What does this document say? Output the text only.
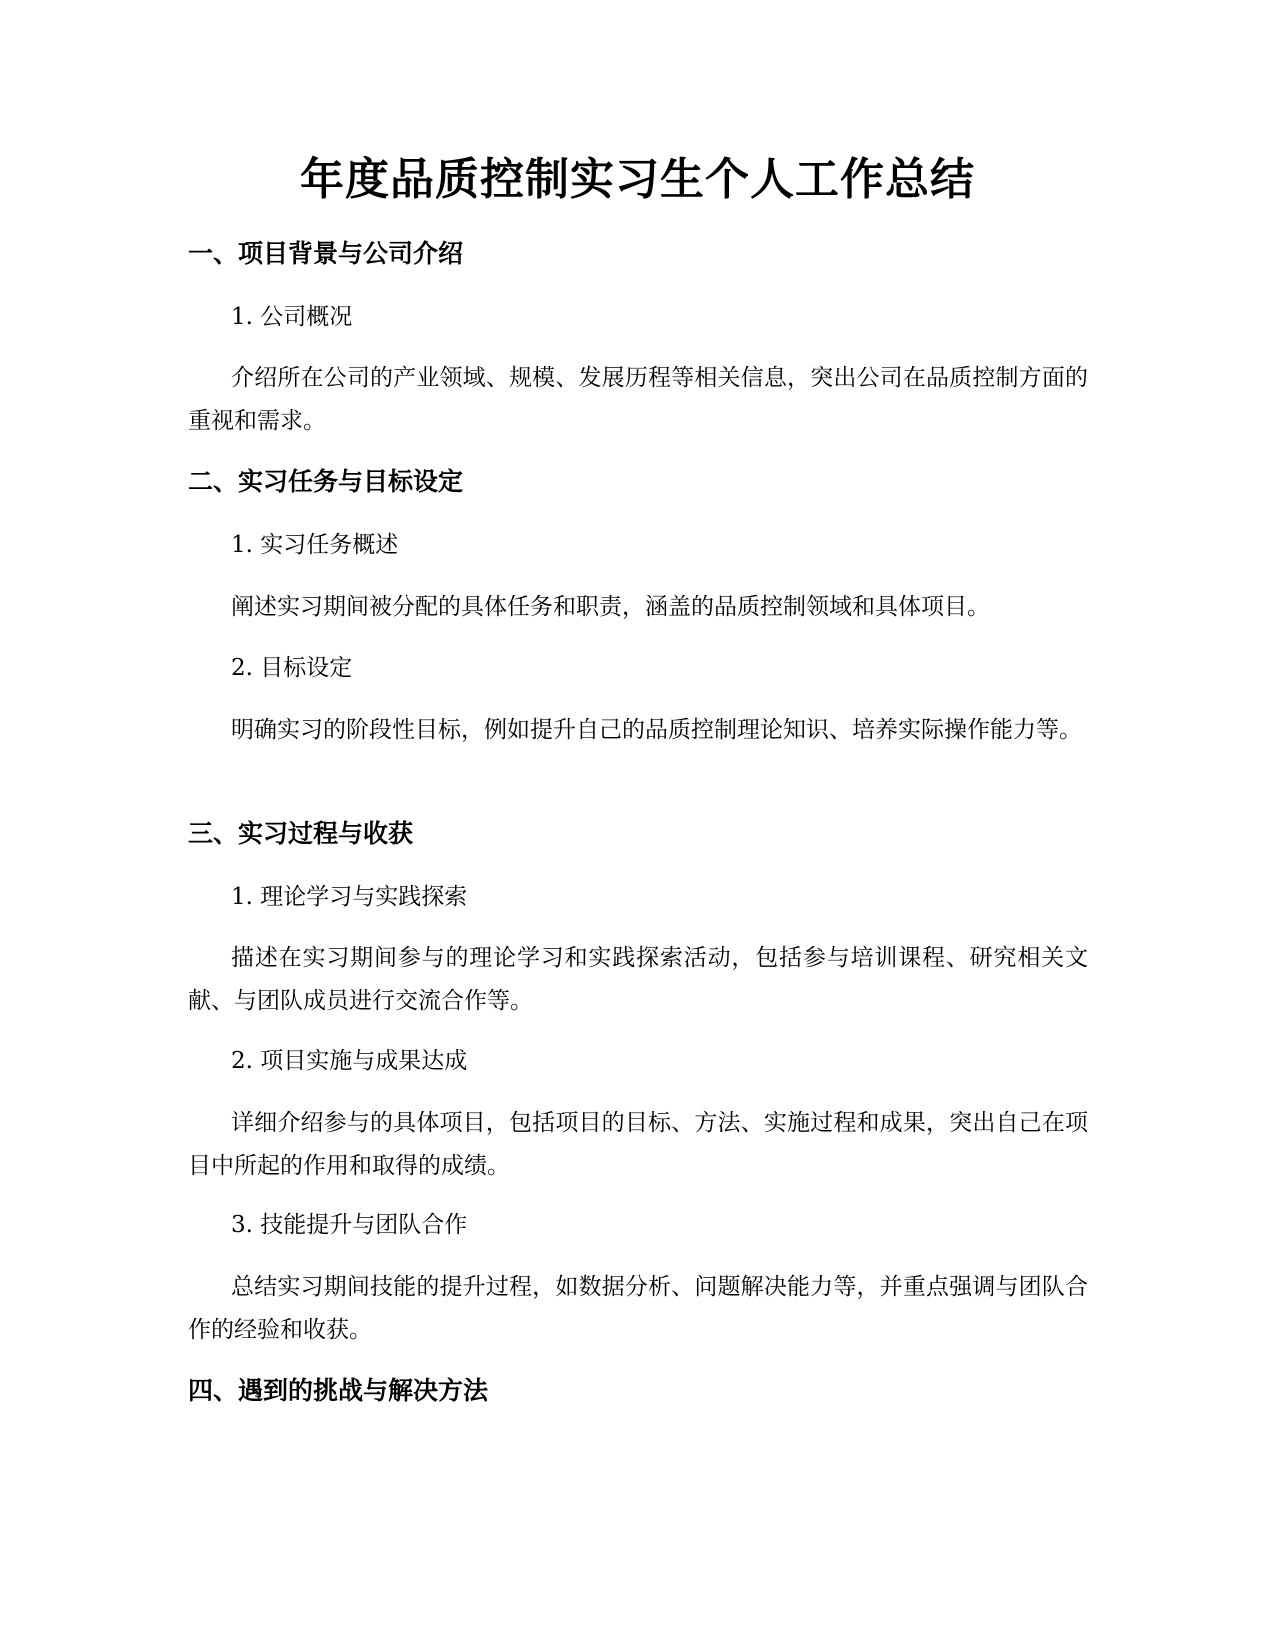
年度品质控制实习生个人工作总结
一、项目背景与公司介绍
1. 公司概况
介绍所在公司的产业领域、规模、发展历程等相关信息，突出公司在品质控制方面的重视和需求。
二、实习任务与目标设定
1. 实习任务概述
阐述实习期间被分配的具体任务和职责，涵盖的品质控制领域和具体项目。
2. 目标设定
明确实习的阶段性目标，例如提升自己的品质控制理论知识、培养实际操作能力等。
三、实习过程与收获
1. 理论学习与实践探索
描述在实习期间参与的理论学习和实践探索活动，包括参与培训课程、研究相关文献、与团队成员进行交流合作等。
2. 项目实施与成果达成
详细介绍参与的具体项目，包括项目的目标、方法、实施过程和成果，突出自己在项目中所起的作用和取得的成绩。
3. 技能提升与团队合作
总结实习期间技能的提升过程，如数据分析、问题解决能力等，并重点强调与团队合作的经验和收获。
四、遇到的挑战与解决方法
